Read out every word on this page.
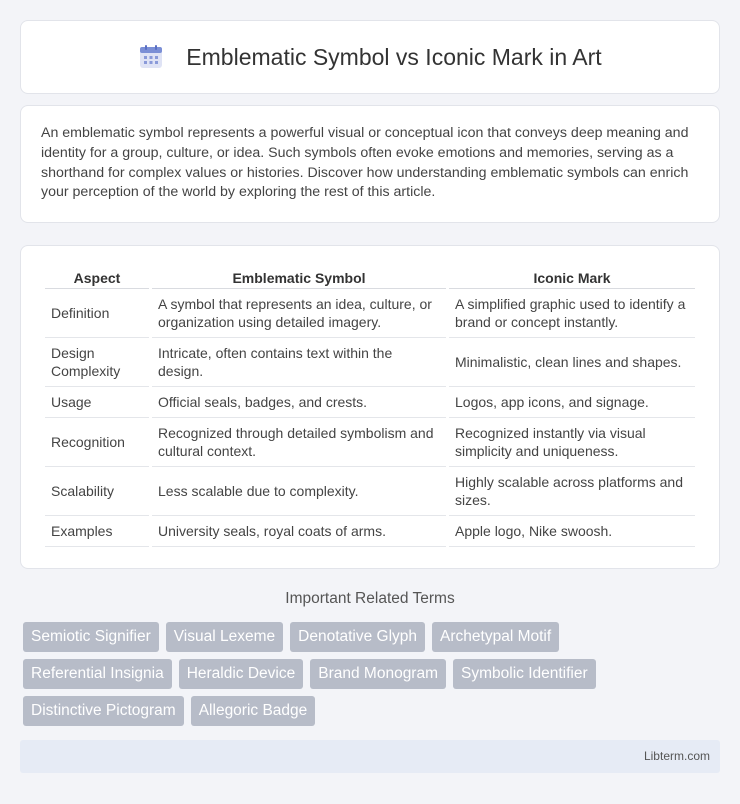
Emblematic Symbol vs Iconic Mark in Art

An emblematic symbol represents a powerful visual or conceptual icon that conveys deep meaning and identity for a group, culture, or idea. Such symbols often evoke emotions and memories, serving as a shorthand for complex values or histories. Discover how understanding emblematic symbols can enrich your perception of the world by exploring the rest of this article.

Aspect	Emblematic Symbol	Iconic Mark
Definition	A symbol that represents an idea, culture, or organization using detailed imagery.	A simplified graphic used to identify a brand or concept instantly.
Design Complexity	Intricate, often contains text within the design.	Minimalistic, clean lines and shapes.
Usage	Official seals, badges, and crests.	Logos, app icons, and signage.
Recognition	Recognized through detailed symbolism and cultural context.	Recognized instantly via visual simplicity and uniqueness.
Scalability	Less scalable due to complexity.	Highly scalable across platforms and sizes.
Examples	University seals, royal coats of arms.	Apple logo, Nike swoosh.
Important Related Terms
Semiotic Signifier	Visual Lexeme	Denotative Glyph	Archetypal Motif
Referential Insignia	Heraldic Device	Brand Monogram	Symbolic Identifier
Distinctive Pictogram	Allegoric Badge
Libterm.com
